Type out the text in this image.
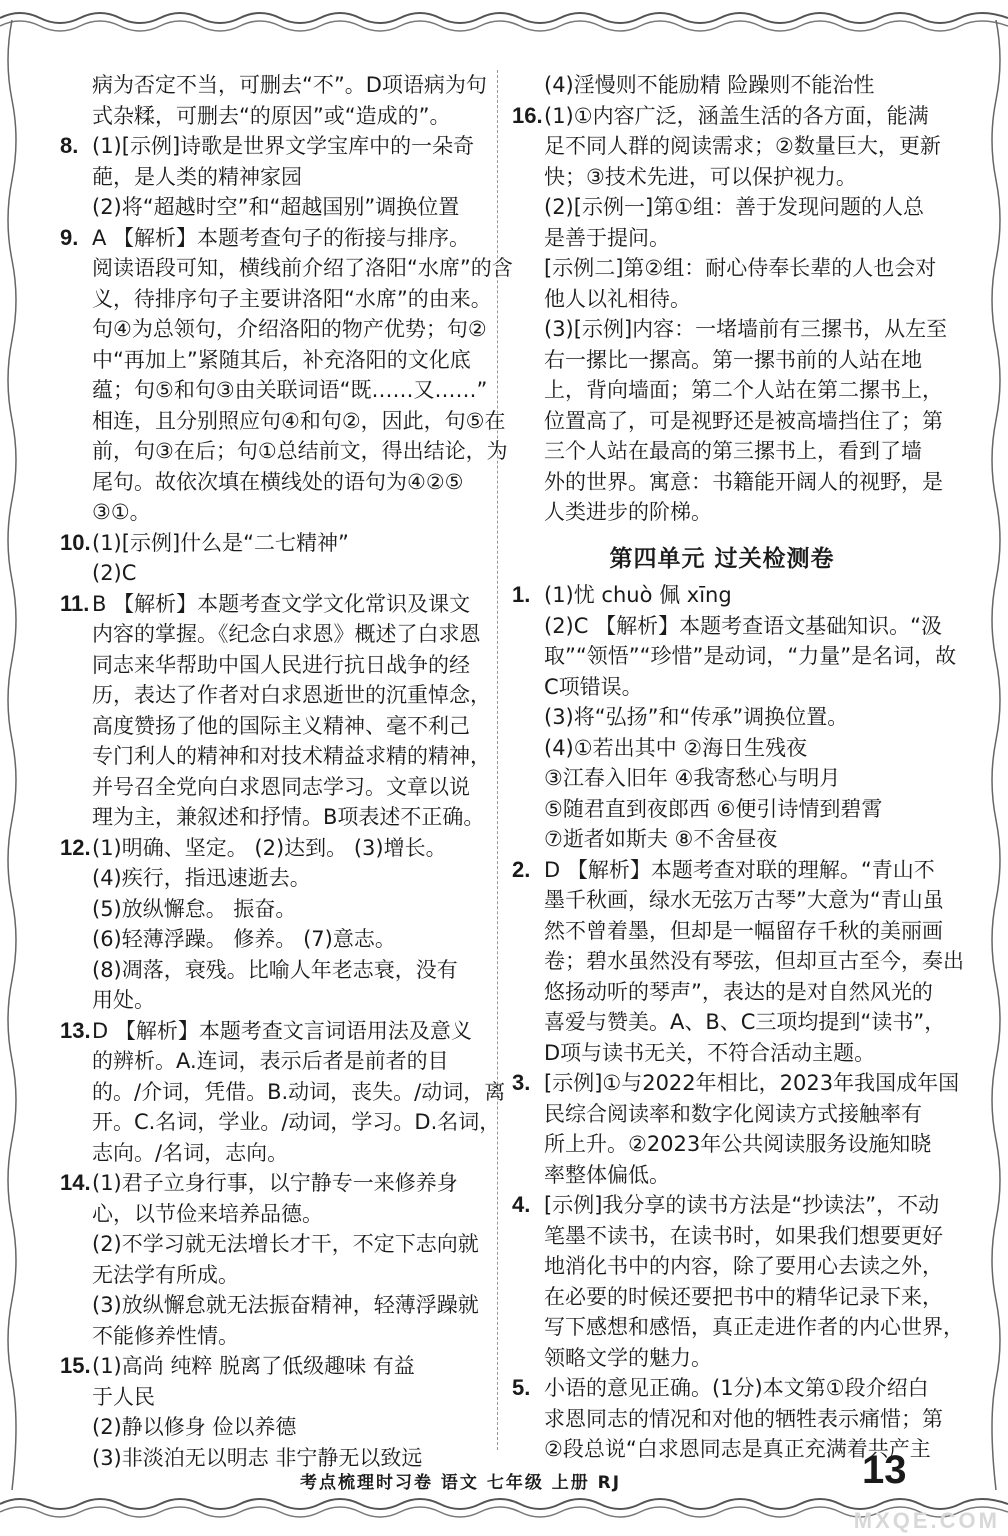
病为否定不当，可删去“不”。D项语病为句
式杂糅，可删去“的原因”或“造成的”。
8. (1)[示例]诗歌是世界文学宝库中的一朵奇
葩，是人类的精神家园
(2)将“超越时空”和“超越国别”调换位置
9. A 【解析】本题考查句子的衔接与排序。
阅读语段可知，横线前介绍了洛阳“水席”的含
义，待排序句子主要讲洛阳“水席”的由来。
句④为总领句，介绍洛阳的物产优势；句②
中“再加上”紧随其后，补充洛阳的文化底
蕴；句⑤和句③由关联词语“既……又……”
相连，且分别照应句④和句②，因此，句⑤在
前，句③在后；句①总结前文，得出结论，为
尾句。故依次填在横线处的语句为④②⑤
③①。
10. (1)[示例]什么是“二七精神”
(2)C
11. B 【解析】本题考查文学文化常识及课文
内容的掌握。《纪念白求恩》概述了白求恩
同志来华帮助中国人民进行抗日战争的经
历，表达了作者对白求恩逝世的沉重悼念，
高度赞扬了他的国际主义精神、毫不利己
专门利人的精神和对技术精益求精的精神，
并号召全党向白求恩同志学习。文章以说
理为主，兼叙述和抒情。B项表述不正确。
12. (1)明确、坚定。 (2)达到。 (3)增长。
(4)疾行，指迅速逝去。
(5)放纵懈怠。 振奋。
(6)轻薄浮躁。 修养。 (7)意志。
(8)凋落，衰残。比喻人年老志衰，没有
用处。
13. D 【解析】本题考查文言词语用法及意义
的辨析。A.连词，表示后者是前者的目
的。/介词，凭借。B.动词，丧失。/动词，离
开。C.名词，学业。/动词，学习。D.名词，
志向。/名词，志向。
14. (1)君子立身行事，以宁静专一来修养身
心，以节俭来培养品德。
(2)不学习就无法增长才干，不定下志向就
无法学有所成。
(3)放纵懈怠就无法振奋精神，轻薄浮躁就
不能修养性情。
15. (1)高尚 纯粹 脱离了低级趣味 有益
于人民
(2)静以修身 俭以养德
(3)非淡泊无以明志 非宁静无以致远
(4)淫慢则不能励精 险躁则不能治性
16. (1)①内容广泛，涵盖生活的各方面，能满
足不同人群的阅读需求；②数量巨大，更新
快；③技术先进，可以保护视力。
(2)[示例一]第①组：善于发现问题的人总
是善于提问。
[示例二]第②组：耐心侍奉长辈的人也会对
他人以礼相待。
(3)[示例]内容：一堵墙前有三摞书，从左至
右一摞比一摞高。第一摞书前的人站在地
上，背向墙面；第二个人站在第二摞书上，
位置高了，可是视野还是被高墙挡住了；第
三个人站在最高的第三摞书上，看到了墙
外的世界。寓意：书籍能开阔人的视野，是
人类进步的阶梯。
第四单元 过关检测卷
1. (1)忧 chuò 佩 xīng
(2)C 【解析】本题考查语文基础知识。“汲
取”“领悟”“珍惜”是动词，“力量”是名词，故
C项错误。
(3)将“弘扬”和“传承”调换位置。
(4)①若出其中 ②海日生残夜
③江春入旧年 ④我寄愁心与明月
⑤随君直到夜郎西 ⑥便引诗情到碧霄
⑦逝者如斯夫 ⑧不舍昼夜
2. D 【解析】本题考查对联的理解。“青山不
墨千秋画，绿水无弦万古琴”大意为“青山虽
然不曾着墨，但却是一幅留存千秋的美丽画
卷；碧水虽然没有琴弦，但却亘古至今，奏出
悠扬动听的琴声”，表达的是对自然风光的
喜爱与赞美。A、B、C三项均提到“读书”，
D项与读书无关，不符合活动主题。
3. [示例]①与2022年相比，2023年我国成年国
民综合阅读率和数字化阅读方式接触率有
所上升。②2023年公共阅读服务设施知晓
率整体偏低。
4. [示例]我分享的读书方法是“抄读法”，不动
笔墨不读书，在读书时，如果我们想要更好
地消化书中的内容，除了要用心去读之外，
在必要的时候还要把书中的精华记录下来，
写下感想和感悟，真正走进作者的内心世界，
领略文学的魅力。
5. 小语的意见正确。(1分)本文第①段介绍白
求恩同志的情况和对他的牺牲表示痛惜；第
②段总说“白求恩同志是真正充满着共产主
考点梳理时习卷 语文 七年级 上册 RJ	13
MXQE.COM
